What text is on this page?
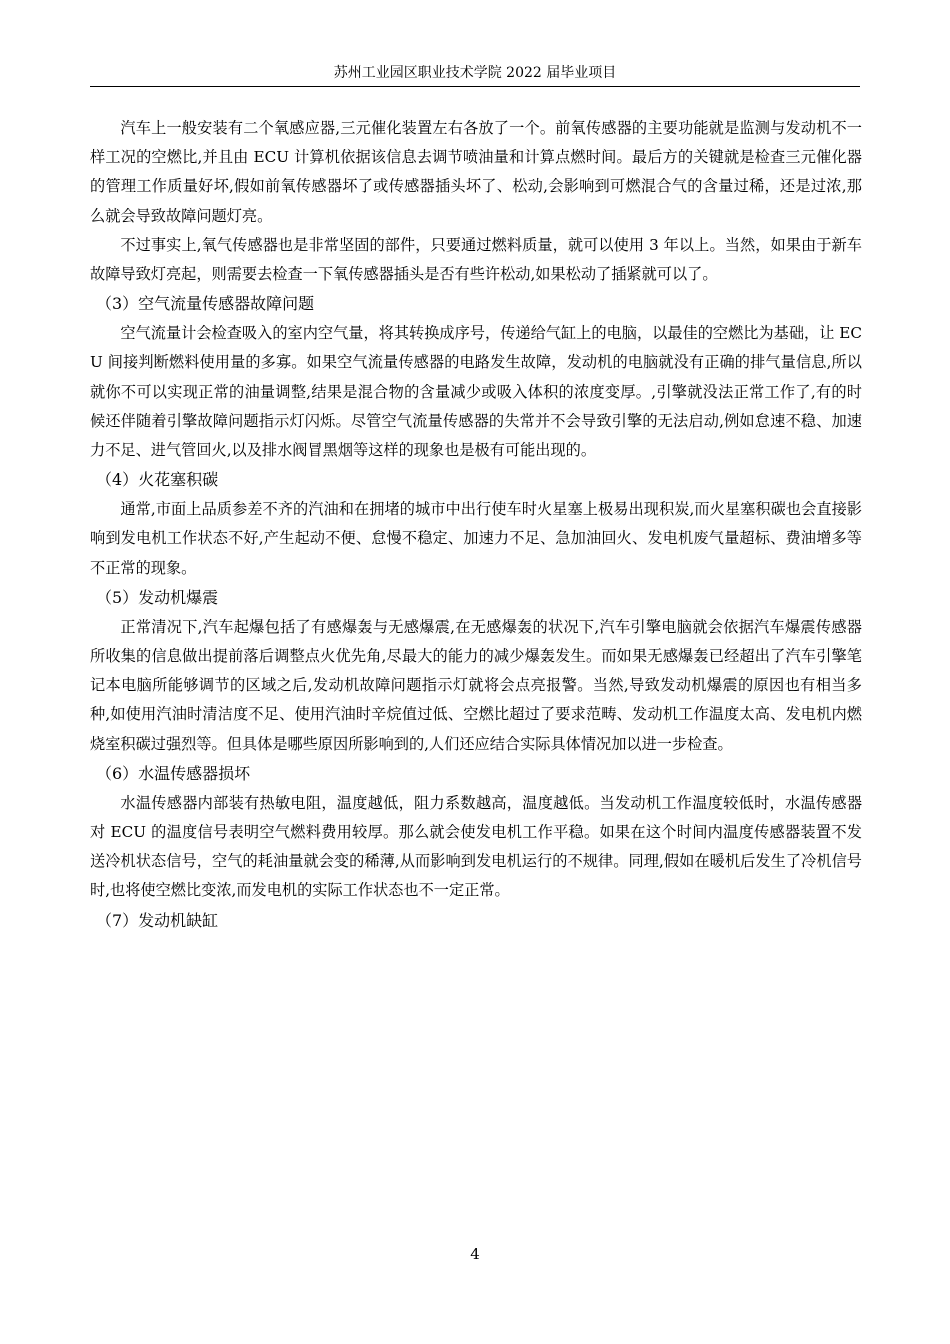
苏州工业园区职业技术学院 2022 届毕业项目

汽车上一般安装有二个氧感应器,三元催化装置左右各放了一个。前氧传感器的主要功能就是监测与发动机不一样工况的空燃比,并且由 ECU 计算机依据该信息去调节喷油量和计算点燃时间。最后方的关键就是检查三元催化器的管理工作质量好坏,假如前氧传感器坏了或传感器插头坏了、松动,会影响到可燃混合气的含量过稀，还是过浓,那么就会导致故障问题灯亮。

不过事实上,氧气传感器也是非常坚固的部件，只要通过燃料质量，就可以使用 3 年以上。当然，如果由于新车故障导致灯亮起，则需要去检查一下氧传感器插头是否有些许松动,如果松动了插紧就可以了。

（3）空气流量传感器故障问题

空气流量计会检查吸入的室内空气量，将其转换成序号，传递给气缸上的电脑，以最佳的空燃比为基础，让 ECU 间接判断燃料使用量的多寡。如果空气流量传感器的电路发生故障，发动机的电脑就没有正确的排气量信息,所以就你不可以实现正常的油量调整,结果是混合物的含量减少或吸入体积的浓度变厚。,引擎就没法正常工作了,有的时候还伴随着引擎故障问题指示灯闪烁。尽管空气流量传感器的失常并不会导致引擎的无法启动,例如怠速不稳、加速力不足、进气管回火,以及排水阀冒黑烟等这样的现象也是极有可能出现的。

（4）火花塞积碳

通常,市面上品质参差不齐的汽油和在拥堵的城市中出行使车时火星塞上极易出现积炭,而火星塞积碳也会直接影响到发电机工作状态不好,产生起动不便、怠慢不稳定、加速力不足、急加油回火、发电机废气量超标、费油增多等不正常的现象。

（5）发动机爆震

正常清况下,汽车起爆包括了有感爆轰与无感爆震,在无感爆轰的状况下,汽车引擎电脑就会依据汽车爆震传感器所收集的信息做出提前落后调整点火优先角,尽最大的能力的减少爆轰发生。而如果无感爆轰已经超出了汽车引擎笔记本电脑所能够调节的区域之后,发动机故障问题指示灯就将会点亮报警。当然,导致发动机爆震的原因也有相当多种,如使用汽油时清洁度不足、使用汽油时辛烷值过低、空燃比超过了要求范畴、发动机工作温度太高、发电机内燃烧室积碳过强烈等。但具体是哪些原因所影响到的,人们还应结合实际具体情况加以进一步检查。

（6）水温传感器损坏

水温传感器内部装有热敏电阻，温度越低，阻力系数越高，温度越低。当发动机工作温度较低时，水温传感器对 ECU 的温度信号表明空气燃料费用较厚。那么就会使发电机工作平稳。如果在这个时间内温度传感器装置不发送冷机状态信号，空气的耗油量就会变的稀薄,从而影响到发电机运行的不规律。同理,假如在暖机后发生了冷机信号时,也将使空燃比变浓,而发电机的实际工作状态也不一定正常。

（7）发动机缺缸

4
